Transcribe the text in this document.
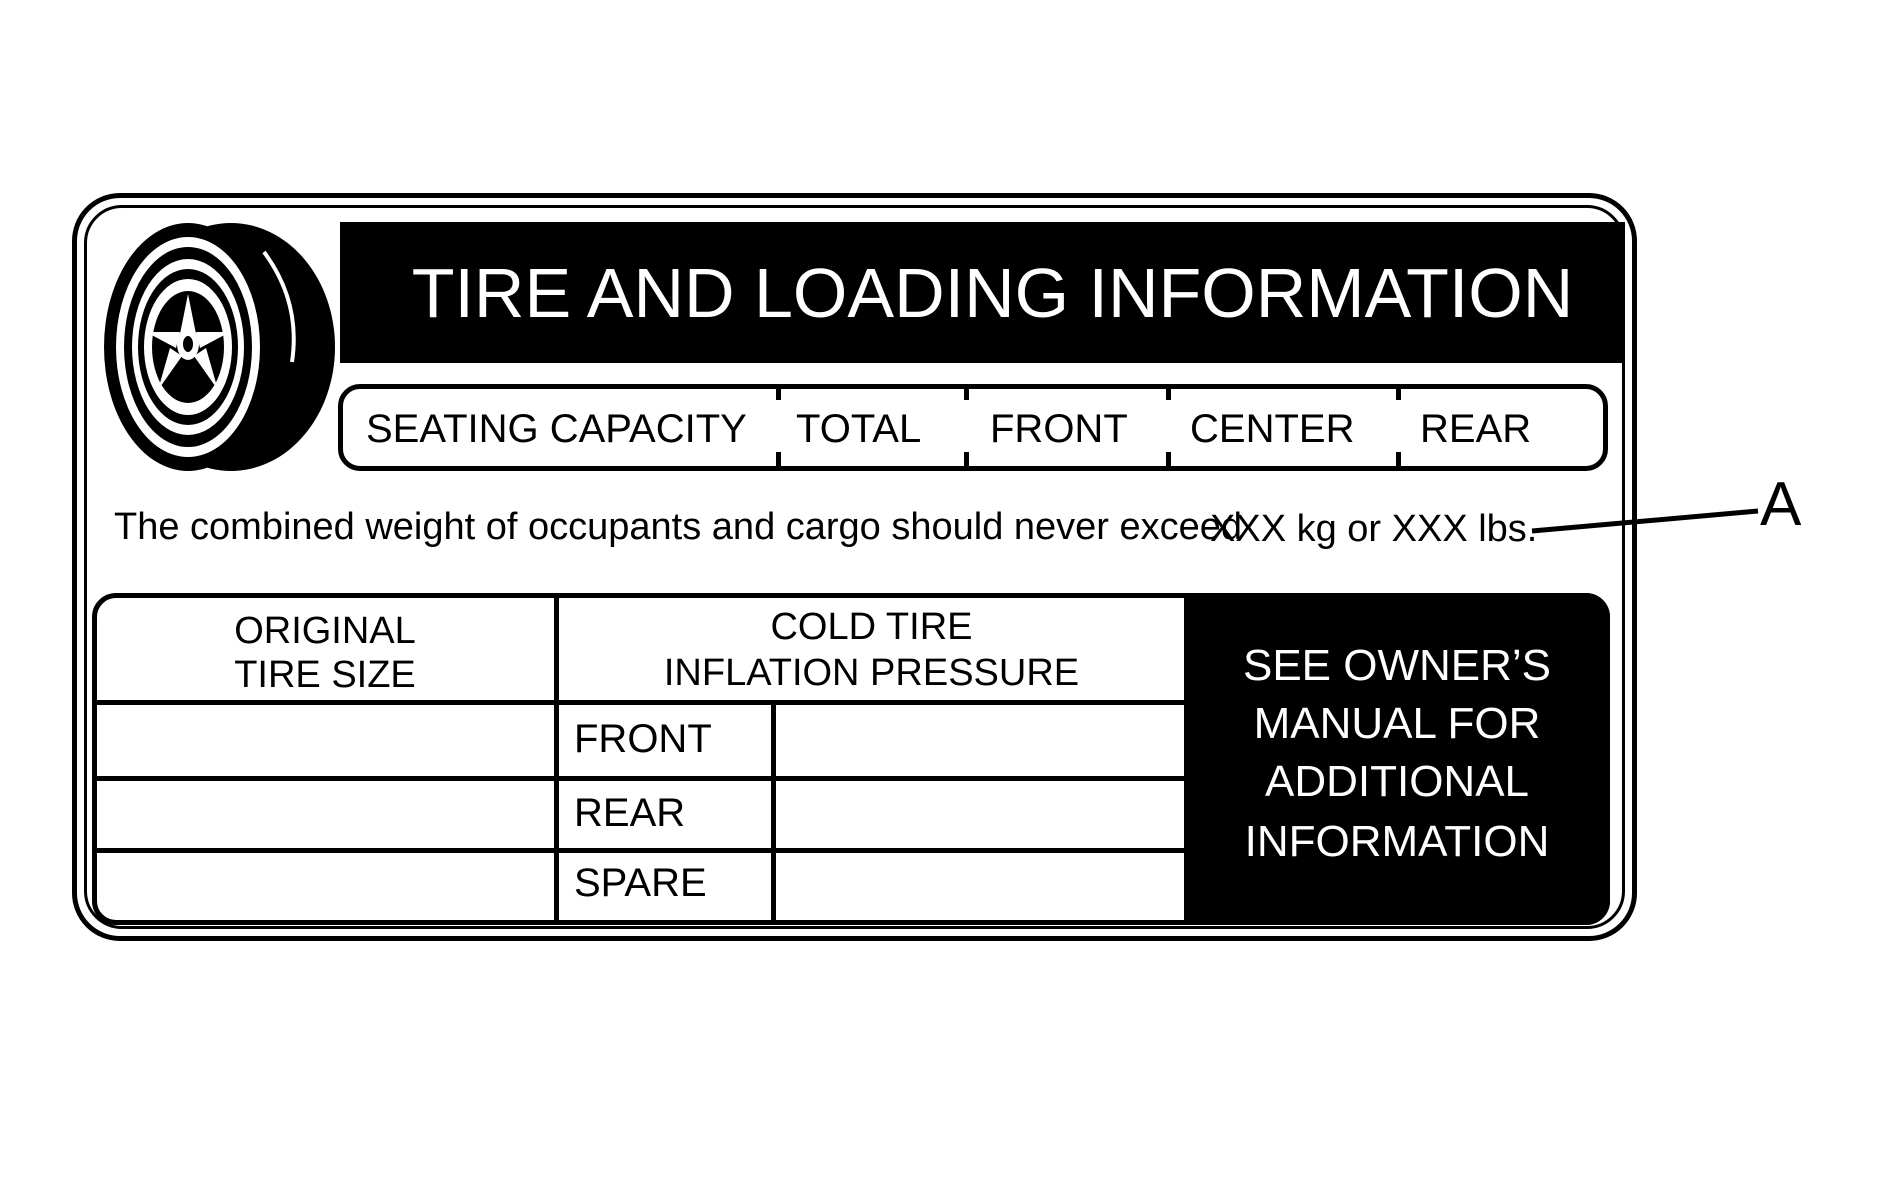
TIRE AND LOADING INFORMATION
SEATING CAPACITY TOTAL FRONT CENTER REAR
The combined weight of occupants and cargo should never exceed
XXX kg or XXX lbs.	A
ORIGINAL
TIRE SIZE
COLD TIRE
INFLATION PRESSURE
FRONT
REAR
SPARE
SEE OWNER’S
MANUAL FOR
ADDITIONAL
INFORMATION
